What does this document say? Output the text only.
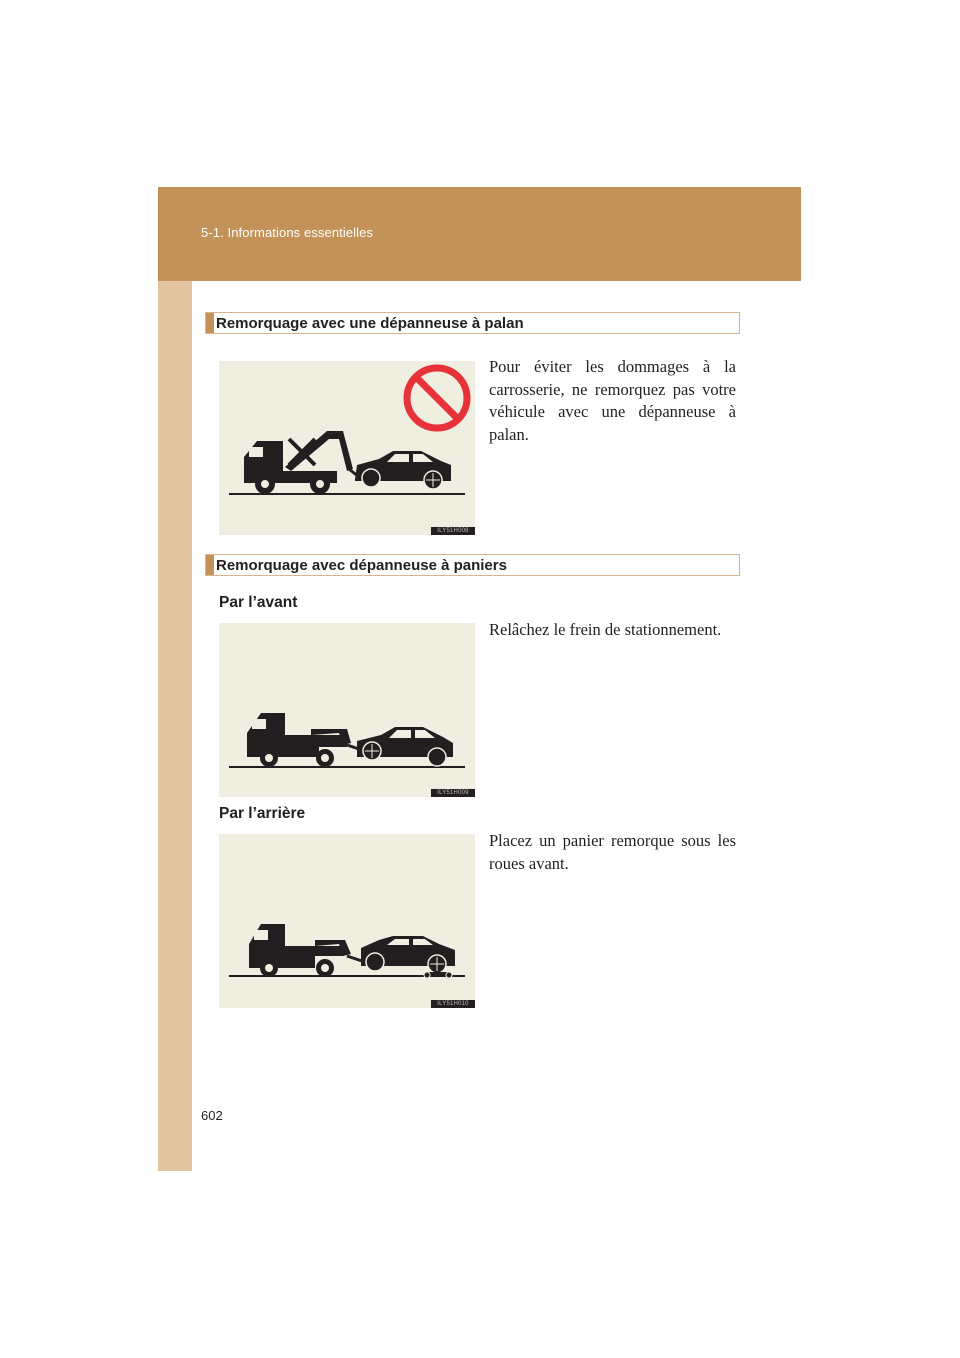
5-1. Informations essentielles
Remorquage avec une dépanneuse à palan
ILY51H008
Pour éviter les dommages à la carrosserie, ne remorquez pas votre véhicule avec une dépanneuse à palan.
Remorquage avec dépanneuse à paniers
Par l’avant
ILY51H009
Relâchez le frein de stationnement.
Par l’arrière
ILY51H010
Placez un panier remorque sous les roues avant.
602
